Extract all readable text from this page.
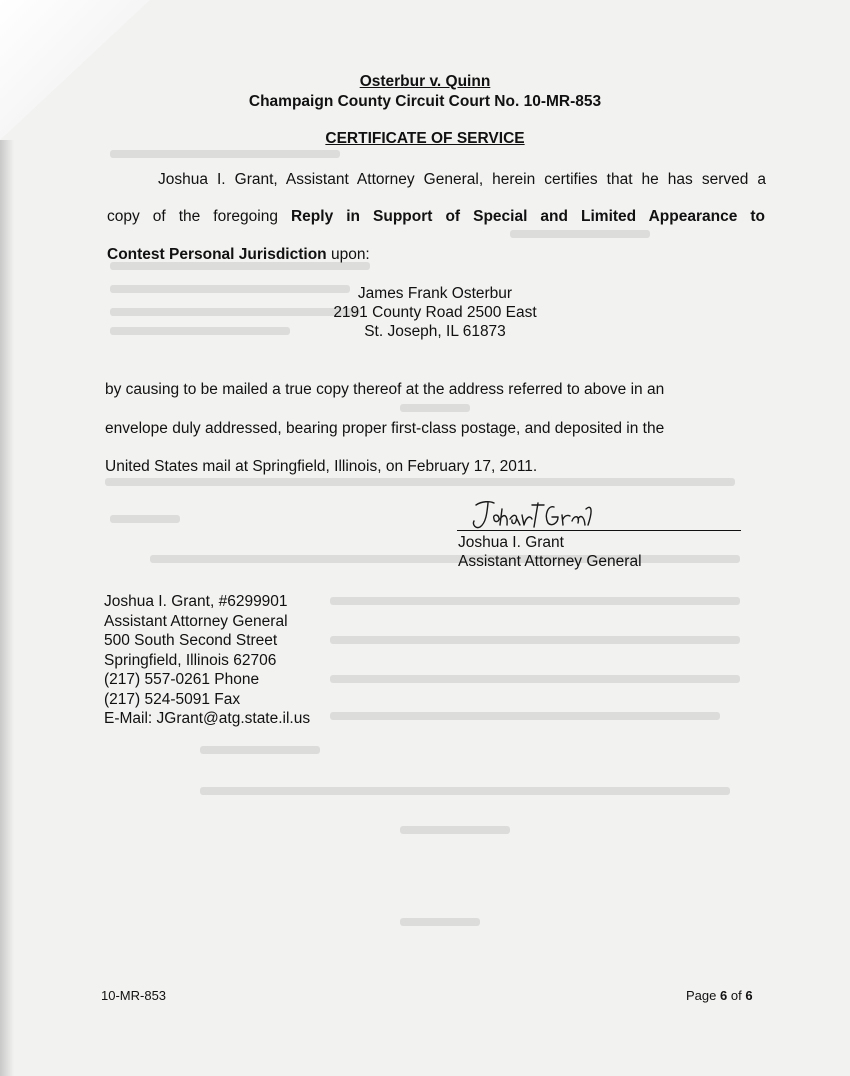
Osterbur v. Quinn
Champaign County Circuit Court No. 10-MR-853
CERTIFICATE OF SERVICE
Joshua I. Grant, Assistant Attorney General, herein certifies that he has served a
copy of the foregoing Reply in Support of Special and Limited Appearance to
Contest Personal Jurisdiction upon:
James Frank Osterbur
2191 County Road 2500 East
St. Joseph, IL 61873
by causing to be mailed a true copy thereof at the address referred to above in an
envelope duly addressed, bearing proper first-class postage, and deposited in the
United States mail at Springfield, Illinois, on February 17, 2011.
Joshua I. Grant
Assistant Attorney General
Joshua I. Grant, #6299901
Assistant Attorney General
500 South Second Street
Springfield, Illinois 62706
(217) 557-0261 Phone
(217) 524-5091 Fax
E-Mail: JGrant@atg.state.il.us
10-MR-853	Page 6 of 6
